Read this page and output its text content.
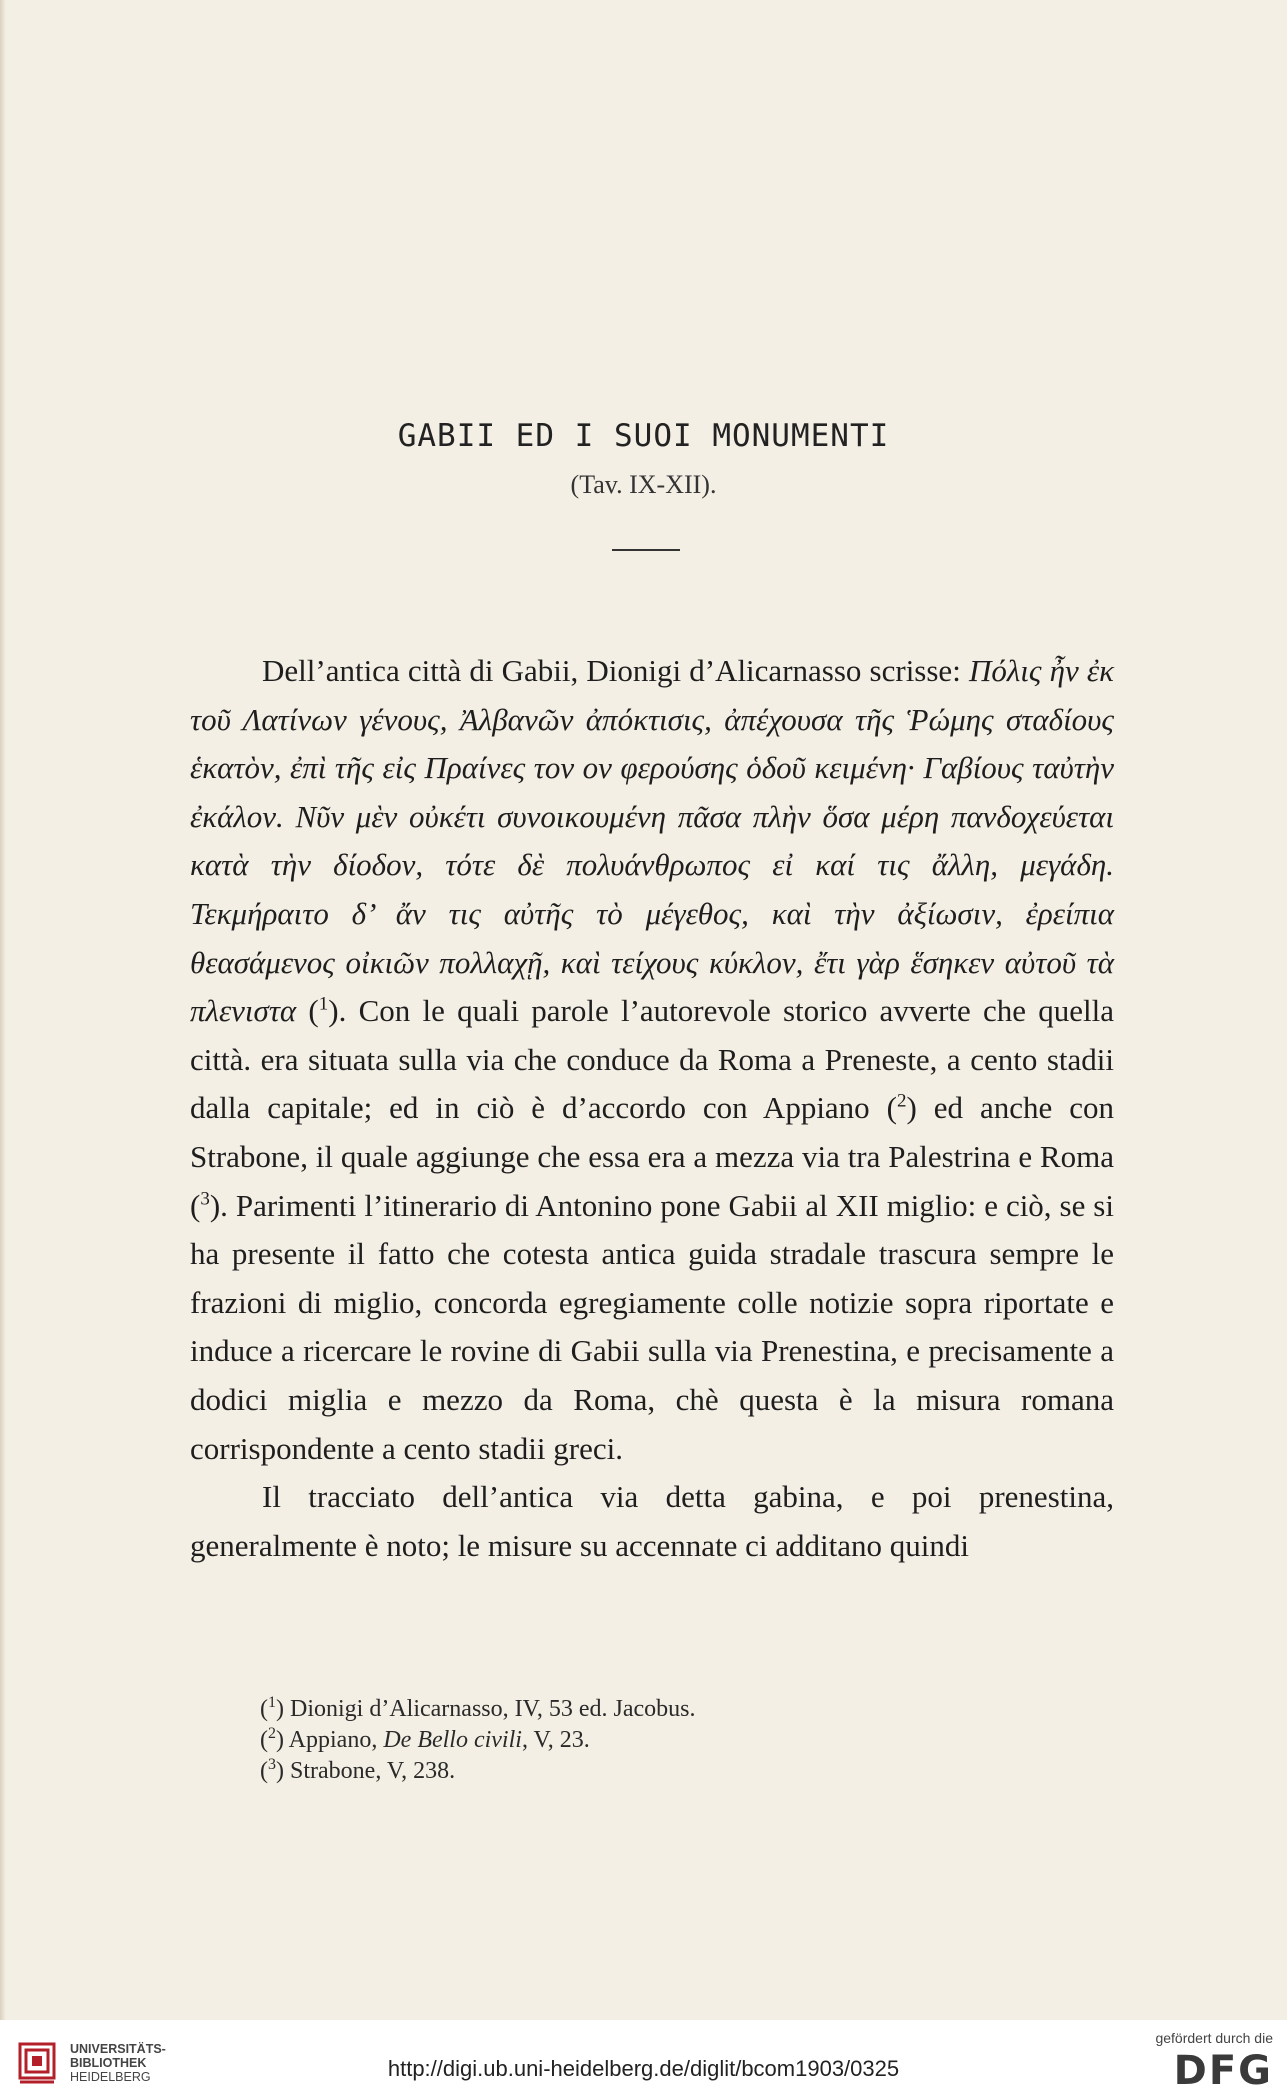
GABII ED I SUOI MONUMENTI
(Tav. IX-XII).

Dell’antica città di Gabii, Dionigi d’Alicarnasso scrisse: Πόλις ἦν ἐκ τοῦ Λατίνων γένους, Ἀλβανῶν ἀπόκτισις, ἀπέχουσα τῆς Ῥώμης σταδίους ἑκατὸν, ἐπὶ τῆς εἰς Πραίνες τον ον φερούσης ὁδοῦ κειμένη· Γαβίους ταὐτὴν ἐκάλον. Νῦν μὲν οὐκέτι συνοικουμένη πᾶσα πλὴν ὅσα μέρη πανδοχεύεται κατὰ τὴν δίοδον, τότε δὲ πολυάνθρωπος εἰ καί τις ἄλλη, μεγάδη. Τεκμήραιτο δ’ ἄν τις αὐτῆς τὸ μέγεθος, καὶ τὴν ἀξίωσιν, ἐρείπια θεασάμενος οἰκιῶν πολλαχῇ, καὶ τείχους κύκλον, ἔτι γὰρ ἕσηκεν αὐτοῦ τὰ πλενιστα ($^1$). Con le quali parole l’autorevole storico avverte che quella città. era situata sulla via che conduce da Roma a Preneste, a cento stadii dalla capitale; ed in ciò è d’accordo con Appiano ($^2$) ed anche con Strabone, il quale aggiunge che essa era a mezza via tra Palestrina e Roma ($^3$). Parimenti l’itinerario di Antonino pone Gabii al XII miglio: e ciò, se si ha presente il fatto che cotesta antica guida stradale trascura sempre le frazioni di miglio, concorda egregiamente colle notizie sopra riportate e induce a ricercare le rovine di Gabii sulla via Prenestina, e precisamente a dodici miglia e mezzo da Roma, chè questa è la misura romana corrispondente a cento stadii greci.

Il tracciato dell’antica via detta gabina, e poi prenestina, generalmente è noto; le misure su accennate ci additano quindi

($^1$) Dionigi d’Alicarnasso, IV, 53 ed. Jacobus.
($^2$) Appiano, De Bello civili, V, 23.
($^3$) Strabone, V, 238.
UNIVERSITÄTS-
BIBLIOTHEK
HEIDELBERG	http://digi.ub.uni-heidelberg.de/diglit/bcom1903/0325
gefördert durch die
DFG
